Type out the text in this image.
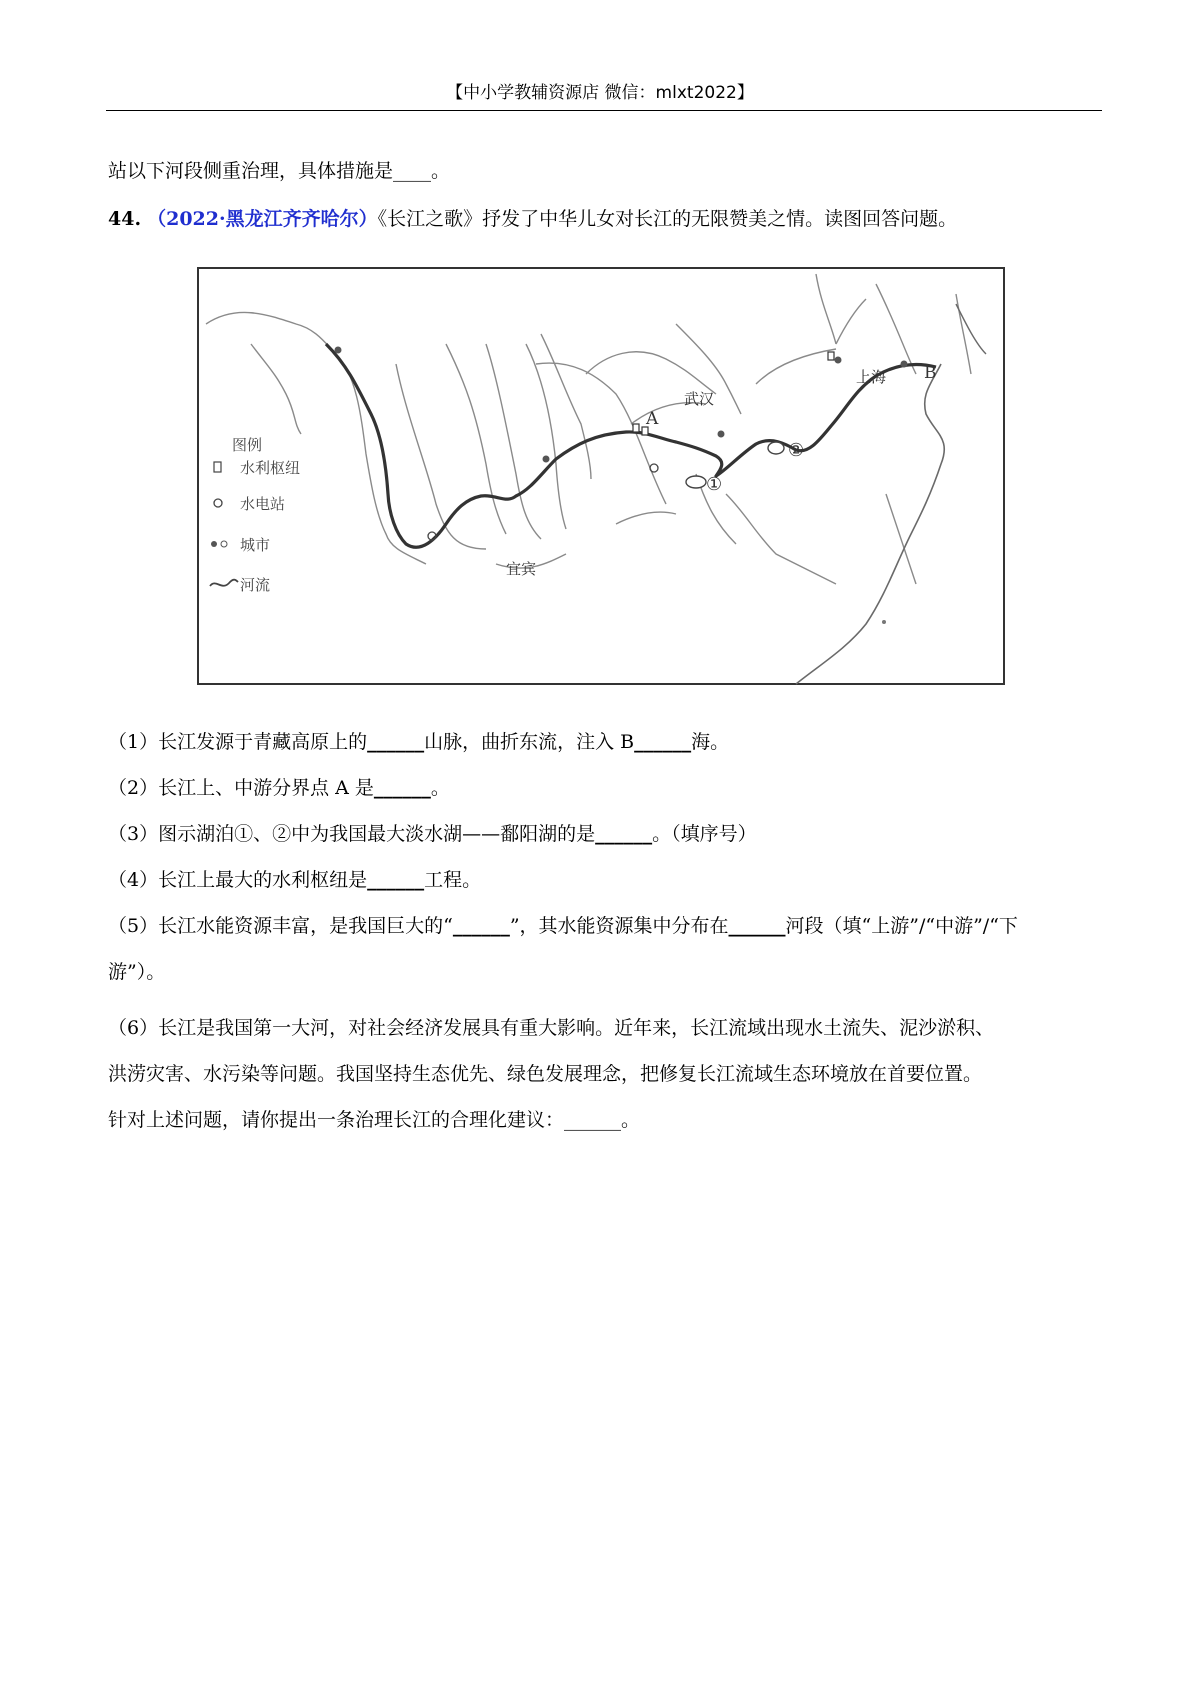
【中小学教辅资源店 微信：mlxt2022】
站以下河段侧重治理，具体措施是____。
44. （2022·黑龙江齐齐哈尔）《长江之歌》抒发了中华儿女对长江的无限赞美之情。读图回答问题。
宜宾
武汉
上海
A
B
①
②
图例
水利枢纽
水电站
城市
河流
（1）长江发源于青藏高原上的______山脉，曲折东流，注入 B______海。
（2）长江上、中游分界点 A 是______。
（3）图示湖泊①、②中为我国最大淡水湖——鄱阳湖的是______。（填序号）
（4）长江上最大的水利枢纽是______工程。
（5）长江水能资源丰富，是我国巨大的“______”，其水能资源集中分布在______河段（填“上游”/“中游”/“下
游”）。
（6）长江是我国第一大河，对社会经济发展具有重大影响。近年来，长江流域出现水土流失、泥沙淤积、
洪涝灾害、水污染等问题。我国坚持生态优先、绿色发展理念，把修复长江流域生态环境放在首要位置。
针对上述问题，请你提出一条治理长江的合理化建议：______。
